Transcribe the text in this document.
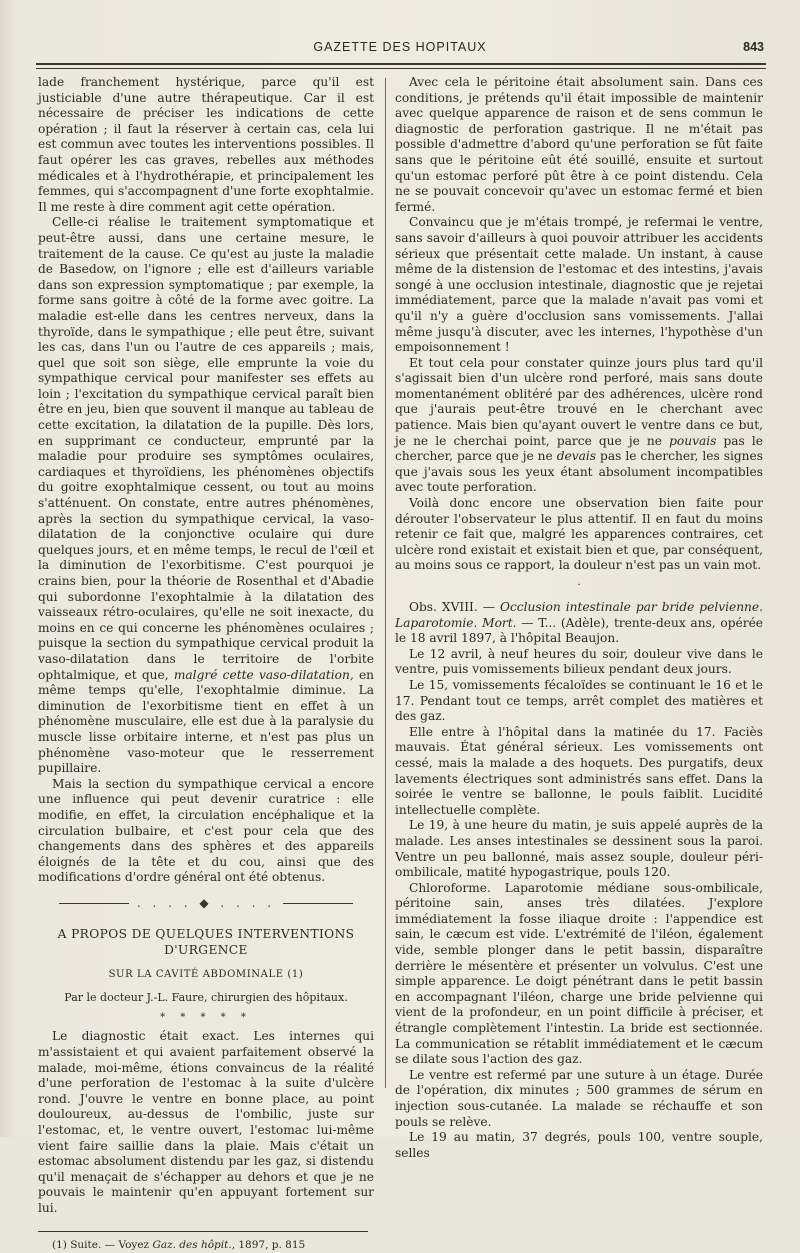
GAZETTE DES HOPITAUX	843

lade franchement hystérique, parce qu'il est justiciable d'une autre thérapeutique. Car il est nécessaire de préciser les indications de cette opération ; il faut la réserver à certain cas, cela lui est commun avec toutes les interventions possibles. Il faut opérer les cas graves, rebelles aux méthodes médicales et à l'hydrothérapie, et principalement les femmes, qui s'accompagnent d'une forte exophtalmie. Il me reste à dire comment agit cette opération.

Celle-ci réalise le traitement symptomatique et peut-être aussi, dans une certaine mesure, le traitement de la cause. Ce qu'est au juste la maladie de Basedow, on l'ignore ; elle est d'ailleurs variable dans son expression symptomatique ; par exemple, la forme sans goitre à côté de la forme avec goitre. La maladie est-elle dans les centres nerveux, dans la thyroïde, dans le sympathique ; elle peut être, suivant les cas, dans l'un ou l'autre de ces appareils ; mais, quel que soit son siège, elle emprunte la voie du sympathique cervical pour manifester ses effets au loin ; l'excitation du sympathique cervical paraît bien être en jeu, bien que souvent il manque au tableau de cette excitation, la dilatation de la pupille. Dès lors, en supprimant ce conducteur, emprunté par la maladie pour produire ses symptômes oculaires, cardiaques et thyroïdiens, les phénomènes objectifs du goitre exophtalmique cessent, ou tout au moins s'atténuent. On constate, entre autres phénomènes, après la section du sympathique cervical, la vaso-dilatation de la conjonctive oculaire qui dure quelques jours, et en même temps, le recul de l'œil et la diminution de l'exorbitisme. C'est pourquoi je crains bien, pour la théorie de Rosenthal et d'Abadie qui subordonne l'exophtalmie à la dilatation des vaisseaux rétro-oculaires, qu'elle ne soit inexacte, du moins en ce qui concerne les phénomènes oculaires ; puisque la section du sympathique cervical produit la vaso-dilatation dans le territoire de l'orbite ophtalmique, et que, malgré cette vaso-dilatation, en même temps qu'elle, l'exophtalmie diminue. La diminution de l'exorbitisme tient en effet à un phénomène musculaire, elle est due à la paralysie du muscle lisse orbitaire interne, et n'est pas plus un phénomène vaso-moteur que le resserrement pupillaire.

Mais la section du sympathique cervical a encore une influence qui peut devenir curatrice : elle modifie, en effet, la circulation encéphalique et la circulation bulbaire, et c'est pour cela que des changements dans des sphères et des appareils éloignés de la tête et du cou, ainsi que des modifications d'ordre général ont été obtenus.

. . . . ◆ . . . .
A PROPOS DE QUELQUES INTERVENTIONS D'URGENCE
SUR LA CAVITÉ ABDOMINALE (1)
Par le docteur J.-L. Faure, chirurgien des hôpitaux.
* * * * *

Le diagnostic était exact. Les internes qui m'assistaient et qui avaient parfaitement observé la malade, moi-même, étions convaincus de la réalité d'une perforation de l'estomac à la suite d'ulcère rond. J'ouvre le ventre en bonne place, au point douloureux, au-dessus de l'ombilic, juste sur l'estomac, et, le ventre ouvert, l'estomac lui-même vient faire saillie dans la plaie. Mais c'était un estomac absolument distendu par les gaz, si distendu qu'il menaçait de s'échapper au dehors et que je ne pouvais le maintenir qu'en appuyant fortement sur lui.

(1) Suite. — Voyez Gaz. des hôpit., 1897, p. 815

Avec cela le péritoine était absolument sain. Dans ces conditions, je prétends qu'il était impossible de maintenir avec quelque apparence de raison et de sens commun le diagnostic de perforation gastrique. Il ne m'était pas possible d'admettre d'abord qu'une perforation se fût faite sans que le péritoine eût été souillé, ensuite et surtout qu'un estomac perforé pût être à ce point distendu. Cela ne se pouvait concevoir qu'avec un estomac fermé et bien fermé.

Convaincu que je m'étais trompé, je refermai le ventre, sans savoir d'ailleurs à quoi pouvoir attribuer les accidents sérieux que présentait cette malade. Un instant, à cause même de la distension de l'estomac et des intestins, j'avais songé à une occlusion intestinale, diagnostic que je rejetai immédiatement, parce que la malade n'avait pas vomi et qu'il n'y a guère d'occlusion sans vomissements. J'allai même jusqu'à discuter, avec les internes, l'hypothèse d'un empoisonnement !

Et tout cela pour constater quinze jours plus tard qu'il s'agissait bien d'un ulcère rond perforé, mais sans doute momentanément oblitéré par des adhérences, ulcère rond que j'aurais peut-être trouvé en le cherchant avec patience. Mais bien qu'ayant ouvert le ventre dans ce but, je ne le cherchai point, parce que je ne pouvais pas le chercher, parce que je ne devais pas le chercher, les signes que j'avais sous les yeux étant absolument incompatibles avec toute perforation.

Voilà donc encore une observation bien faite pour dérouter l'observateur le plus attentif. Il en faut du moins retenir ce fait que, malgré les apparences contraires, cet ulcère rond existait et existait bien et que, par conséquent, au moins sous ce rapport, la douleur n'est pas un vain mot.

.

Obs. XVIII. — Occlusion intestinale par bride pelvienne. Laparotomie. Mort. — T... (Adèle), trente-deux ans, opérée le 18 avril 1897, à l'hôpital Beaujon.

Le 12 avril, à neuf heures du soir, douleur vive dans le ventre, puis vomissements bilieux pendant deux jours.

Le 15, vomissements fécaloïdes se continuant le 16 et le 17. Pendant tout ce temps, arrêt complet des matières et des gaz.

Elle entre à l'hôpital dans la matinée du 17. Faciès mauvais. État général sérieux. Les vomissements ont cessé, mais la malade a des hoquets. Des purgatifs, deux lavements électriques sont administrés sans effet. Dans la soirée le ventre se ballonne, le pouls faiblit. Lucidité intellectuelle complète.

Le 19, à une heure du matin, je suis appelé auprès de la malade. Les anses intestinales se dessinent sous la paroi. Ventre un peu ballonné, mais assez souple, douleur péri-ombilicale, matité hypogastrique, pouls 120.

Chloroforme. Laparotomie médiane sous-ombilicale, péritoine sain, anses très dilatées. J'explore immédiatement la fosse iliaque droite : l'appendice est sain, le cæcum est vide. L'extrémité de l'iléon, également vide, semble plonger dans le petit bassin, disparaître derrière le mésentère et présenter un volvulus. C'est une simple apparence. Le doigt pénétrant dans le petit bassin en accompagnant l'iléon, charge une bride pelvienne qui vient de la profondeur, en un point difficile à préciser, et étrangle complètement l'intestin. La bride est sectionnée. La communication se rétablit immédiatement et le cæcum se dilate sous l'action des gaz.

Le ventre est refermé par une suture à un étage. Durée de l'opération, dix minutes ; 500 grammes de sérum en injection sous-cutanée. La malade se réchauffe et son pouls se relève.

Le 19 au matin, 37 degrés, pouls 100, ventre souple, selles
